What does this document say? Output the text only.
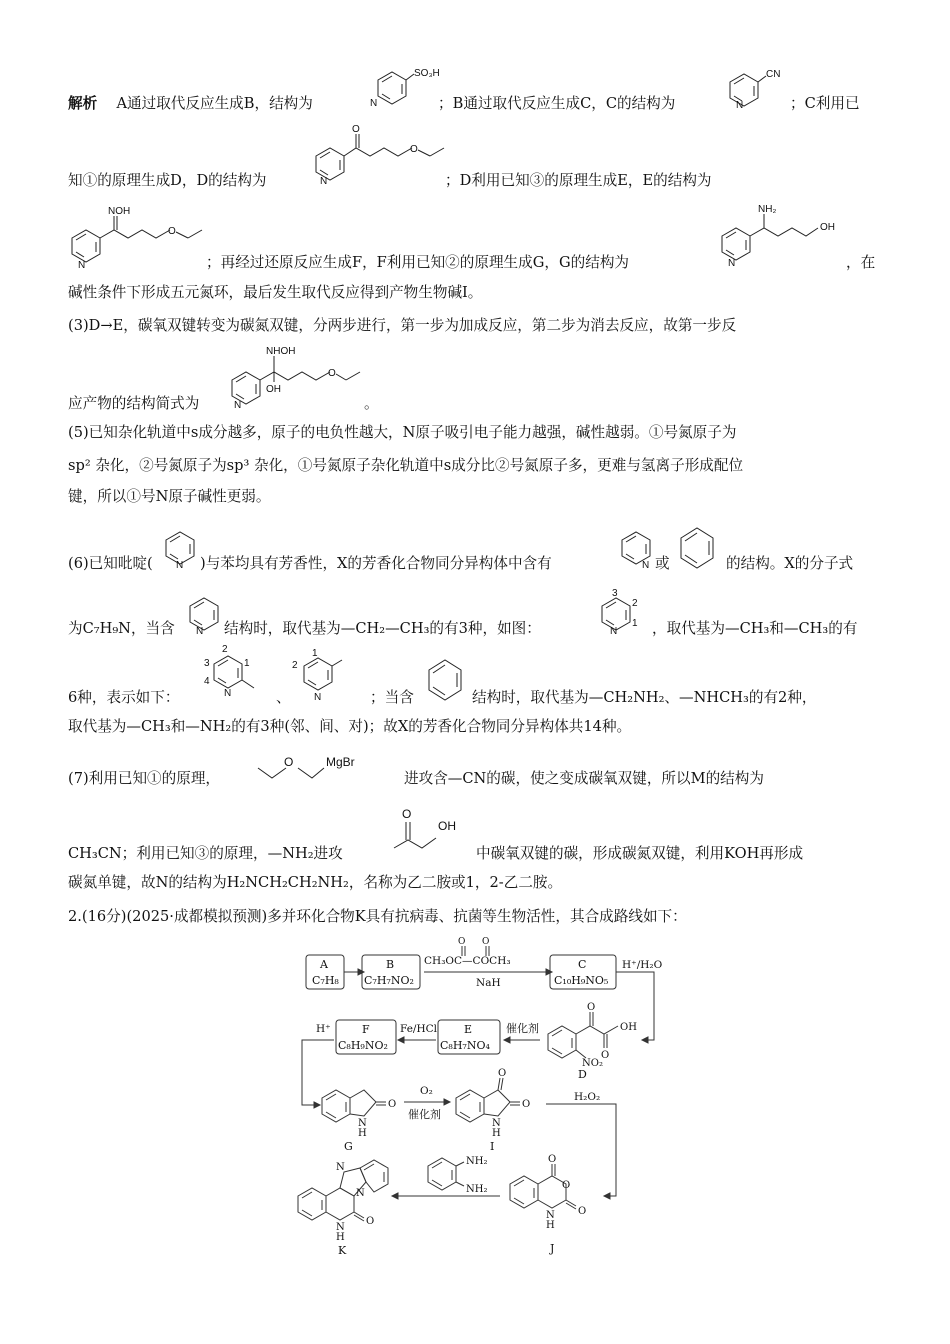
解析 A通过取代反应生成B，结构为	；B通过取代反应生成C，C的结构为	；C利用已
知①的原理生成D，D的结构为	；D利用已知③的原理生成E，E的结构为
；再经过还原反应生成F，F利用已知②的原理生成G，G的结构为	，在
碱性条件下形成五元氮环，最后发生取代反应得到产物生物碱I。
(3)D→E，碳氧双键转变为碳氮双键，分两步进行，第一步为加成反应，第二步为消去反应，故第一步反
应产物的结构简式为	。
(5)已知杂化轨道中s成分越多，原子的电负性越大，N原子吸引电子能力越强，碱性越弱。①号氮原子为
sp² 杂化，②号氮原子为sp³ 杂化，①号氮原子杂化轨道中s成分比②号氮原子多，更难与氢离子形成配位
键，所以①号N原子碱性更弱。
(6)已知吡啶(	)与苯均具有芳香性，X的芳香化合物同分异构体中含有	或	的结构。X的分子式
为C₇H₉N，当含	结构时，取代基为—CH₂—CH₃的有3种，如图：	，取代基为—CH₃和—CH₃的有
6种，表示如下：	、	；当含	结构时，取代基为—CH₂NH₂、—NHCH₃的有2种，
取代基为—CH₃和—NH₂的有3种(邻、间、对)；故X的芳香化合物同分异构体共14种。
(7)利用已知①的原理，	进攻含—CN的碳，使之变成碳氧双键，所以M的结构为
CH₃CN；利用已知③的原理，—NH₂进攻	中碳氧双键的碳，形成碳氮双键，利用KOH再形成
碳氮单键，故N的结构为H₂NCH₂CH₂NH₂，名称为乙二胺或1，2-乙二胺。
2.(16分)(2025·成都模拟预测)多并环化合物K具有抗病毒、抗菌等生物活性，其合成路线如下：
SO₃H
N
CN
N
O
O
N
NOH
O
N
NH₂
OH
N
NHOH
OH
O
N
N	N
N
3
2
1
N
2
3	1
4
N
1
2
N
O	MgBr
O
OH
A
C₇H₈
B
C₇H₇NO₂
CH₃OC—COCH₃
NaH
O O
C
C₁₀H₉NO₅
H⁺/H₂O
O
O
OH
NO₂
D
催化剂
E
C₈H₇NO₄
Fe/HCl
F
C₈H₉NO₂
H⁺
O
N
H
G
O₂
催化剂
O
O
N
H
I
H₂O₂
O
O
O
N
H
J
NH₂
NH₂
N
N
O
N
H
K
